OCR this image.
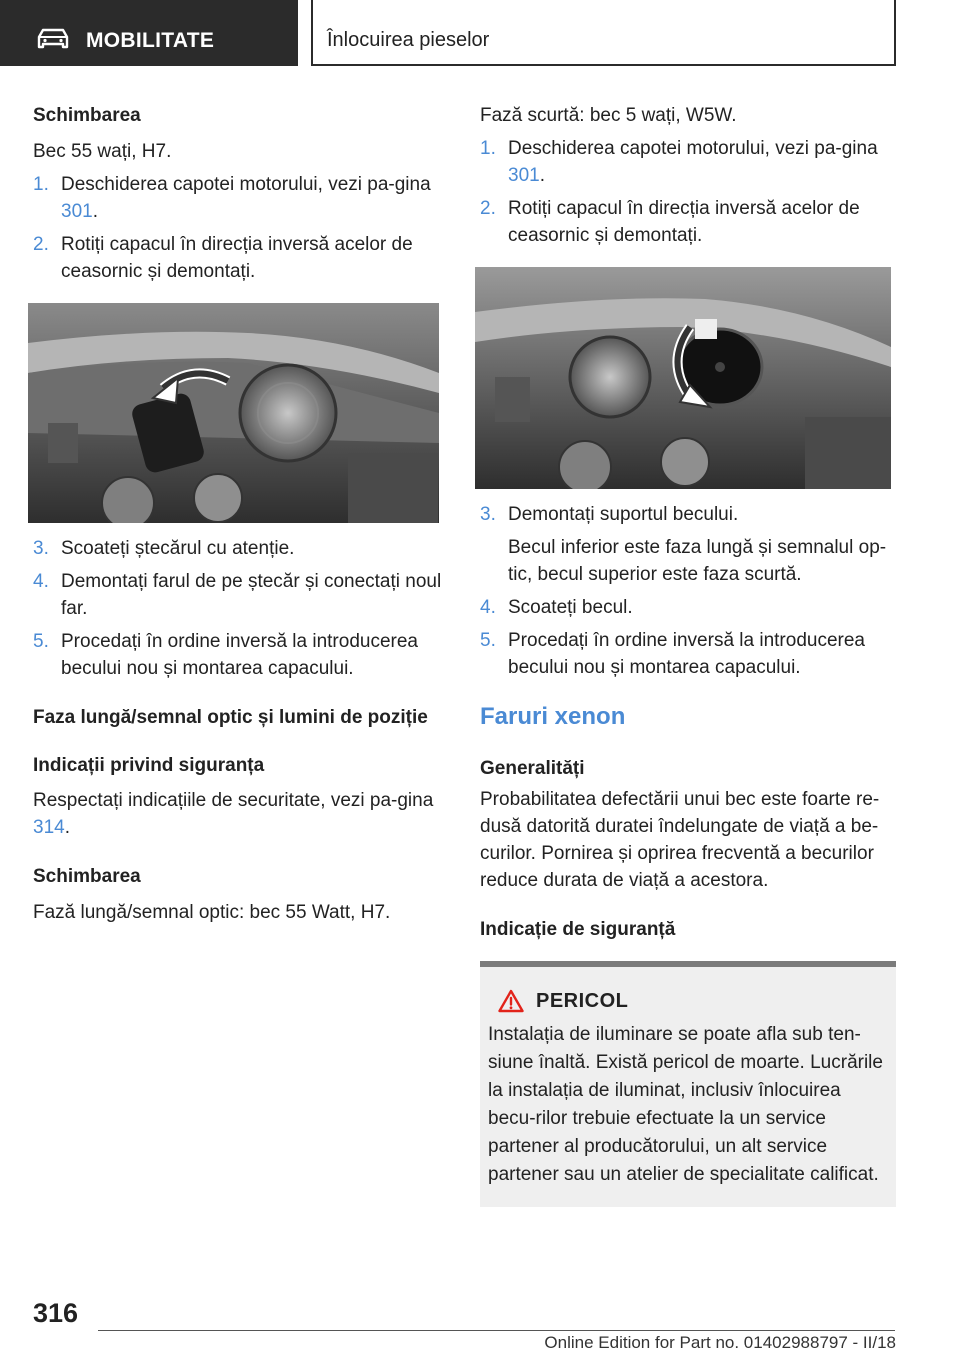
MOBILITATE	Înlocuirea pieselor
Schimbarea
Bec 55 wați, H7.
1. Deschiderea capotei motorului, vezi pa‐gina 301.
2. Rotiți capacul în direcția inversă acelor de ceasornic și demontați.
3. Scoateți ștecărul cu atenție.
4. Demontați farul de pe ștecăr și conectați noul far.
5. Procedați în ordine inversă la introducerea becului nou și montarea capacului.
Faza lungă/semnal optic și lumini de poziție
Indicații privind siguranța
Respectați indicațiile de securitate, vezi pa‐gina 314.
Schimbarea
Fază lungă/semnal optic: bec 55 Watt, H7.
Fază scurtă: bec 5 wați, W5W.
1. Deschiderea capotei motorului, vezi pa‐gina 301.
2. Rotiți capacul în direcția inversă acelor de ceasornic și demontați.
3. Demontați suportul becului.
Becul inferior este faza lungă și semnalul op‐tic, becul superior este faza scurtă.
4. Scoateți becul.
5. Procedați în ordine inversă la introducerea becului nou și montarea capacului.
Faruri xenon
Generalități
Probabilitatea defectării unui bec este foarte re‐dusă datorită duratei îndelungate de viață a be‐curilor. Pornirea și oprirea frecventă a becurilor reduce durata de viață a acestora.
Indicație de siguranță
PERICOL
Instalația de iluminare se poate afla sub ten‐siune înaltă. Există pericol de moarte. Lucrările la instalația de iluminat, inclusiv înlocuirea becu‐rilor trebuie efectuate la un service partener al producătorului, un alt service partener sau un atelier de specialitate calificat.
316
Online Edition for Part no. 01402988797 - II/18
